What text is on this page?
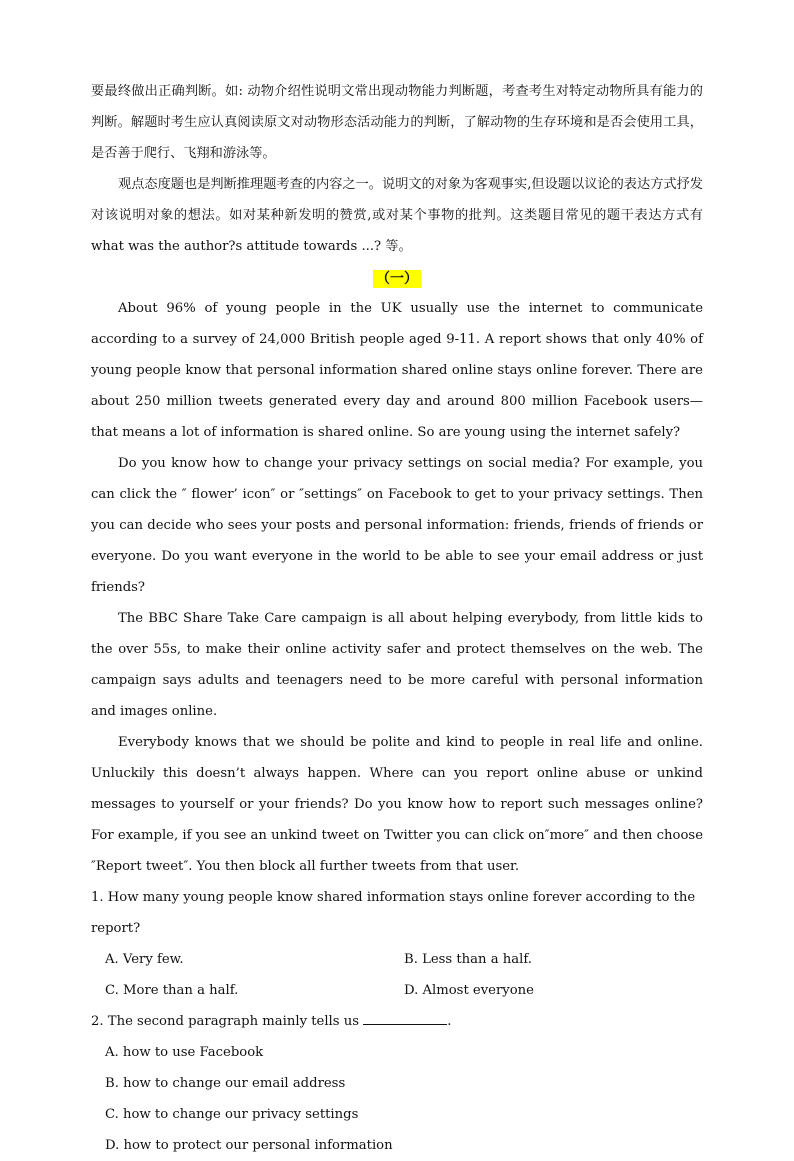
要最终做出正确判断。如: 动物介绍性说明文常出现动物能力判断题，考查考生对特定动物所具有能力的判断。解题时考生应认真阅读原文对动物形态活动能力的判断，了解动物的生存环境和是否会使用工具，是否善于爬行、飞翔和游泳等。

观点态度题也是判断推理题考查的内容之一。说明文的对象为客观事实,但设题以议论的表达方式抒发对该说明对象的想法。如对某种新发明的赞赏,或对某个事物的批判。这类题目常见的题干表达方式有 what was the author?s attitude towards ...? 等。

（一）

About 96% of young people in the UK usually use the internet to communicate according to a survey of 24,000 British people aged 9-11. A report shows that only 40% of young people know that personal information shared online stays online forever. There are about 250 million tweets generated every day and around 800 million Facebook users—that means a lot of information is shared online. So are young using the internet safely?

Do you know how to change your privacy settings on social media? For example, you can click the ″ flower’ icon″ or ″settings″ on Facebook to get to your privacy settings. Then you can decide who sees your posts and personal information: friends, friends of friends or everyone. Do you want everyone in the world to be able to see your email address or just friends?

The BBC Share Take Care campaign is all about helping everybody, from little kids to the over 55s, to make their online activity safer and protect themselves on the web. The campaign says adults and teenagers need to be more careful with personal information and images online.

Everybody knows that we should be polite and kind to people in real life and online. Unluckily this doesn’t always happen. Where can you report online abuse or unkind messages to yourself or your friends? Do you know how to report such messages online? For example, if you see an unkind tweet on Twitter you can click on″more″ and then choose ″Report tweet″. You then block all further tweets from that user.

1. How many young people know shared information stays online forever according to the report?
A. Very few.	B. Less than a half.
C. More than a half.	D. Almost everyone
2. The second paragraph mainly tells us	.
A. how to use Facebook
B. how to change our email address
C. how to change our privacy settings
D. how to protect our personal information
